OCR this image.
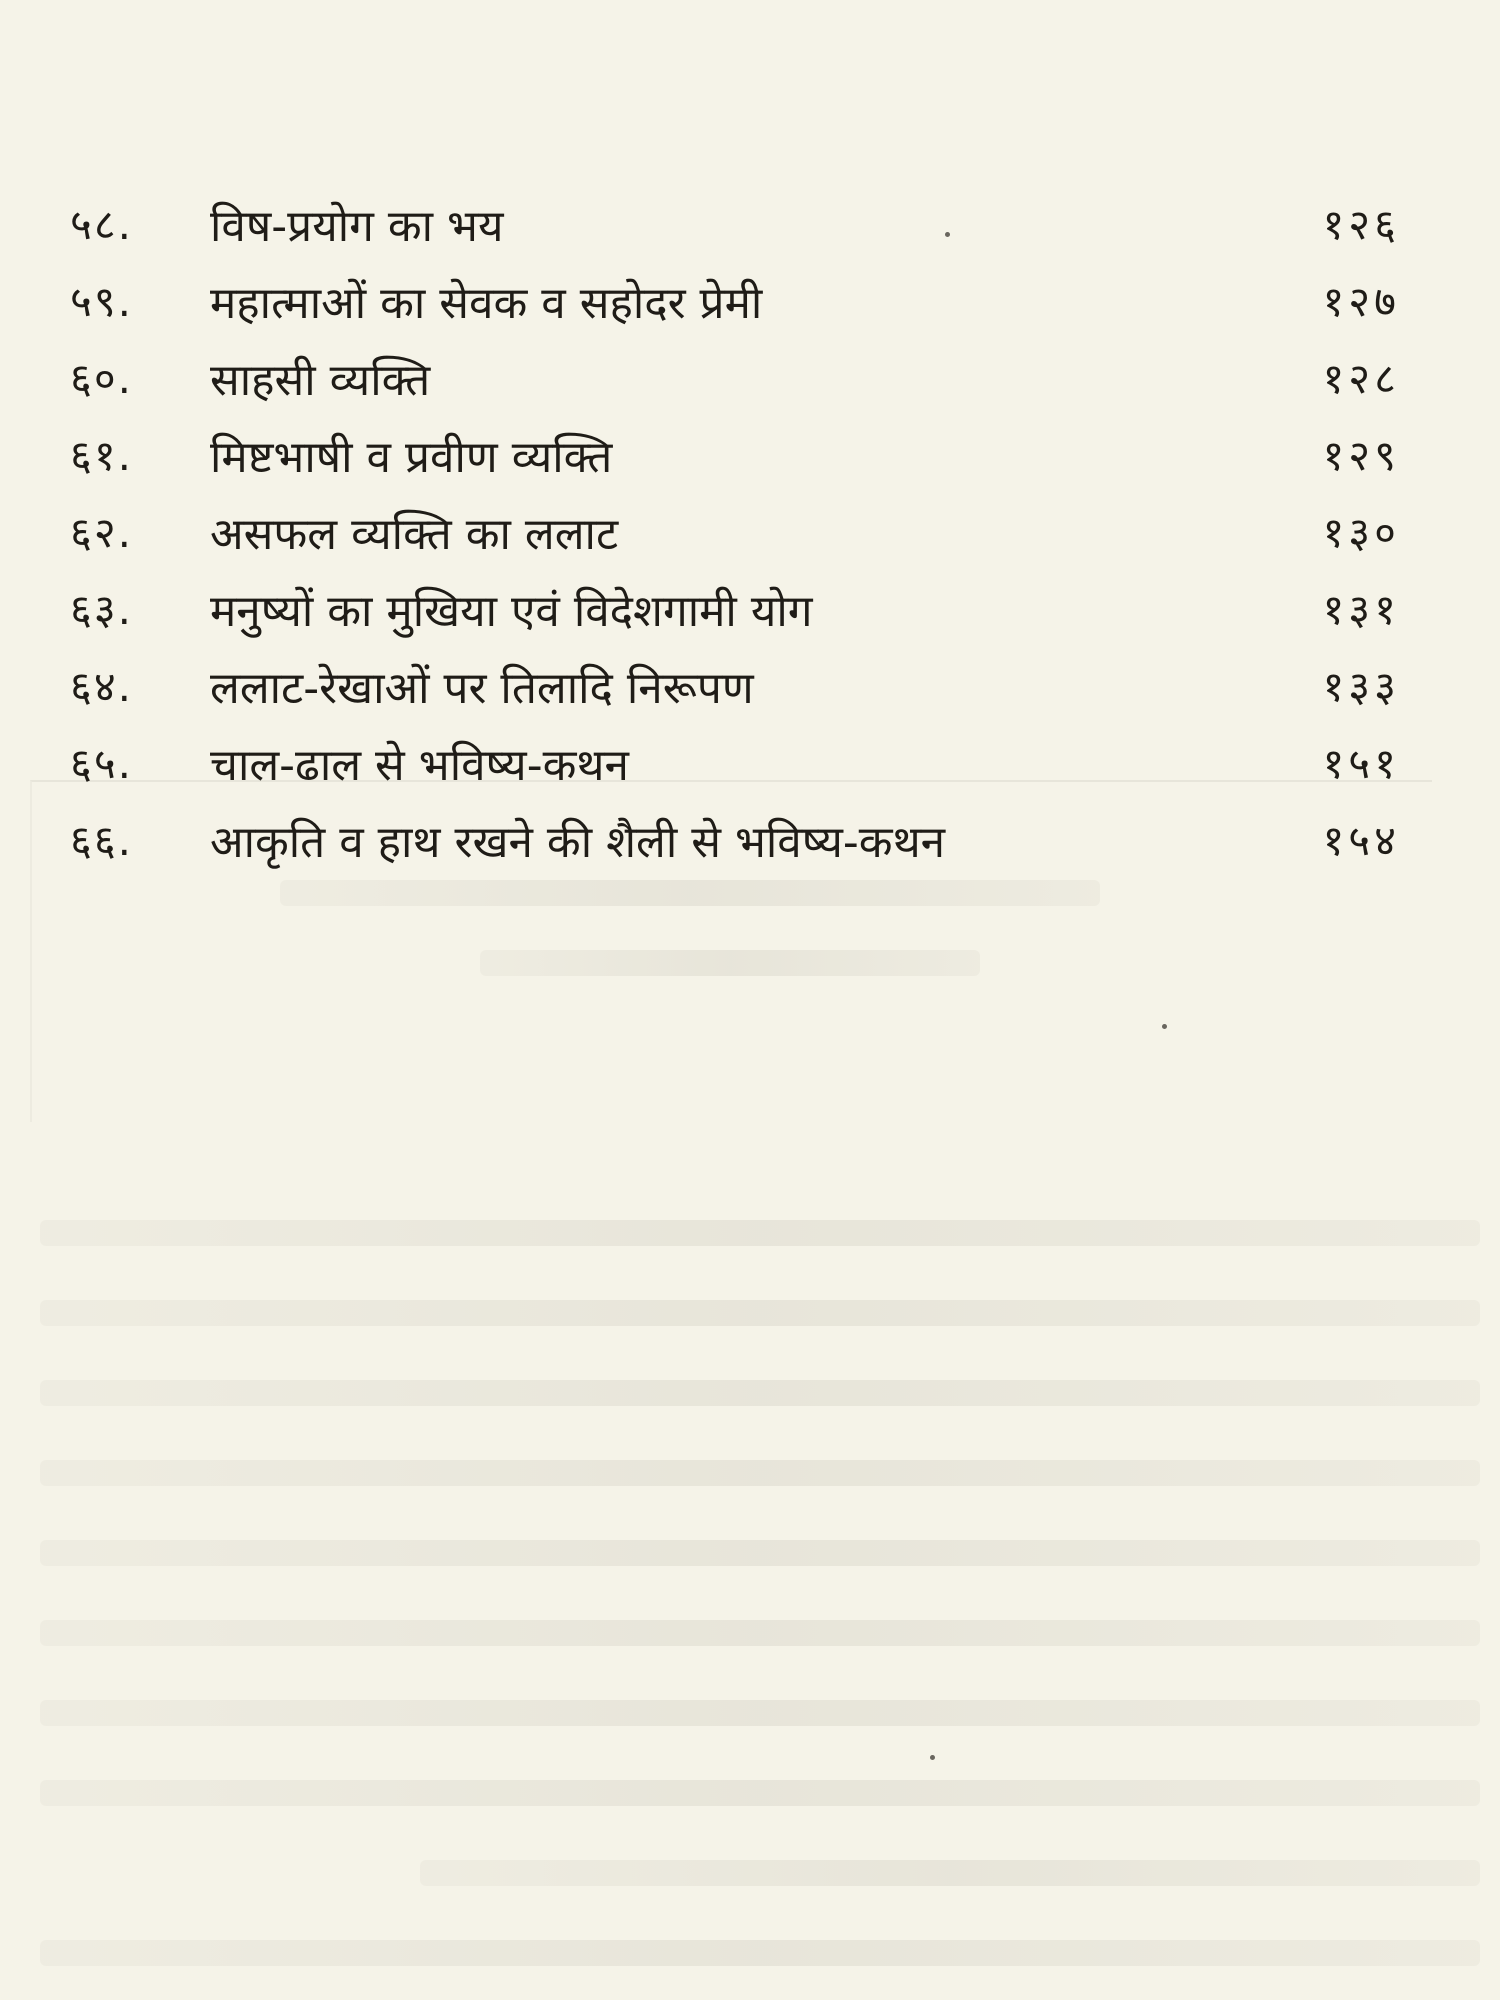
५८.	विष-प्रयोग का भय	१२६
५९.	महात्माओं का सेवक व सहोदर प्रेमी	१२७
६०.	साहसी व्यक्ति	१२८
६१.	मिष्टभाषी व प्रवीण व्यक्ति	१२९
६२.	असफल व्यक्ति का ललाट	१३०
६३.	मनुष्यों का मुखिया एवं विदेशगामी योग	१३१
६४.	ललाट-रेखाओं पर तिलादि निरूपण	१३३
६५.	चाल-ढाल से भविष्य-कथन	१५१
६६.	आकृति व हाथ रखने की शैली से भविष्य-कथन	१५४
